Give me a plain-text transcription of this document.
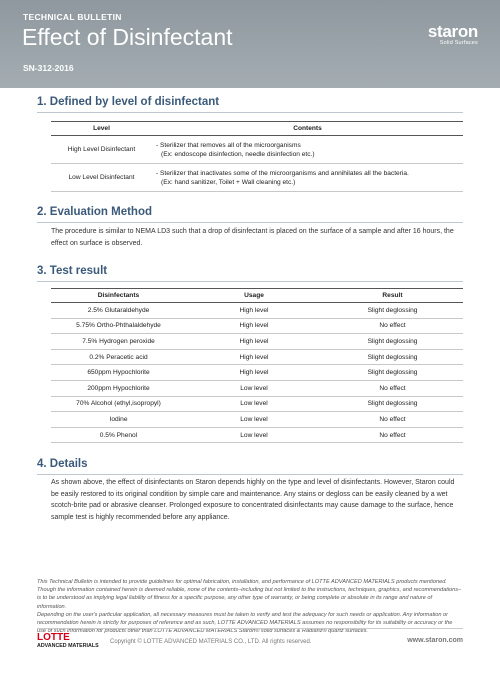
TECHNICAL BULLETIN
Effect of Disinfectant
SN-312-2016
staron
Solid Surfaces
1. Defined by level of disinfectant
Level	Contents
High Level Disinfectant	- Sterilizer that removes all of the microorganisms
(Ex: endoscope disinfection, needle disinfection etc.)

Low Level Disinfectant	- Sterilizer that inactivates some of the microorganisms and annihilates all the bacteria.
(Ex: hand sanitizer, Toilet + Wall cleaning etc.)
2. Evaluation Method
The procedure is similar to NEMA LD3 such that a drop of disinfectant is placed on the surface of a sample and after 16 hours, the effect on surface is observed.
3. Test result
Disinfectants	Usage	Result
2.5% Glutaraldehyde	High level	Slight deglossing
5.75% Ortho-Phthalaldehyde	High level	No effect
7.5% Hydrogen peroxide	High level	Slight deglossing
0.2% Peracetic acid	High level	Slight deglossing
650ppm Hypochlorite	High level	Slight deglossing
200ppm Hypochlorite	Low level	No effect
70% Alcohol (ethyl,isopropyl)	Low level	Slight deglossing
Iodine	Low level	No effect
0.5% Phenol	Low level	No effect
4. Details
As shown above, the effect of disinfectants on Staron depends highly on the type and level of disinfectants. However, Staron could be easily restored to its original condition by simple care and maintenance. Any stains or degloss can be easily cleaned by a wet scotch-brite pad or abrasive cleanser. Prolonged exposure to concentrated disinfectants may cause damage to the surface, hence sample test is highly recommended before any appliance.
This Technical Bulletin is intended to provide guidelines for optimal fabrication, installation, and performance of LOTTE ADVANCED MATERIALS products mentioned. Though the information contained herein is deemed reliable, none of the contents–including but not limited to the instructions, techniques, graphics, and recommendations–is to be understood as implying legal liability of fitness for a specific purpose, any other type of warranty, or being complete or absolute in its range and nature of information.
Depending on the user's particular application, all necessary measures must be taken to verify and test the adequacy for such needs or application. Any information or recommendation herein is strictly for purposes of reference and as such, LOTTE ADVANCED MATERIALS assumes no responsibility for its suitability or accuracy or the use of such information for products other than LOTTE ADVANCED MATERIALS Staron® solid surfaces & Radianz® quartz surfaces.
LOTTE
ADVANCED MATERIALS
Copyright © LOTTE ADVANCED MATERIALS CO., LTD. All rights reserved.	www.staron.com
